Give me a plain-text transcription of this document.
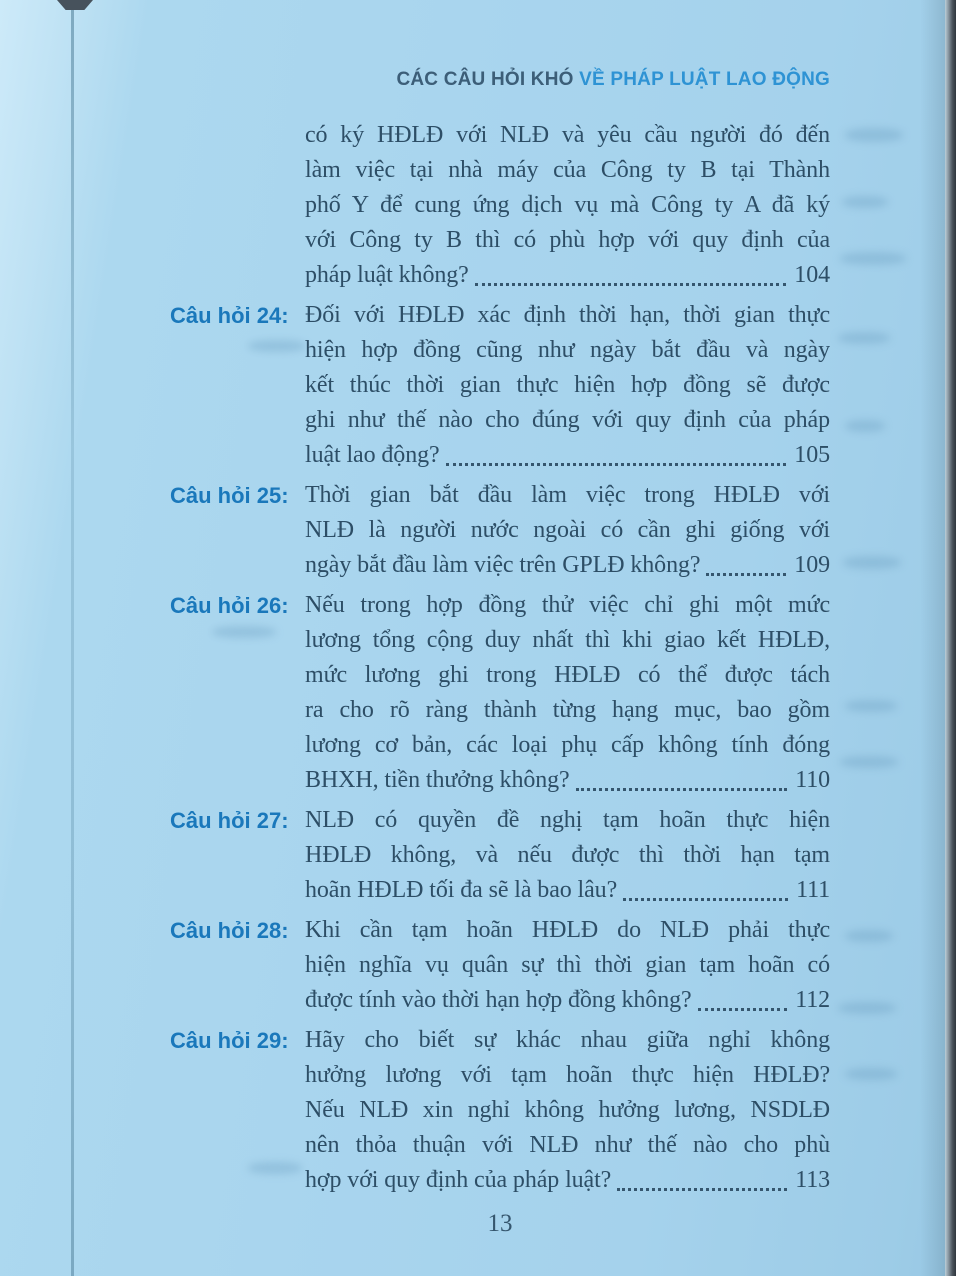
CÁC CÂU HỎI KHÓ VỀ PHÁP LUẬT LAO ĐỘNG
có ký HĐLĐ với NLĐ và yêu cầu người đó đến
làm việc tại nhà máy của Công ty B tại Thành
phố Y để cung ứng dịch vụ mà Công ty A đã ký
với Công ty B thì có phù hợp với quy định của
pháp luật không?	104
Câu hỏi 24: Đối với HĐLĐ xác định thời hạn, thời gian thực
hiện hợp đồng cũng như ngày bắt đầu và ngày
kết thúc thời gian thực hiện hợp đồng sẽ được
ghi như thế nào cho đúng với quy định của pháp
luật lao động?	105
Câu hỏi 25: Thời gian bắt đầu làm việc trong HĐLĐ với
NLĐ là người nước ngoài có cần ghi giống với
ngày bắt đầu làm việc trên GPLĐ không?	109
Câu hỏi 26: Nếu trong hợp đồng thử việc chỉ ghi một mức
lương tổng cộng duy nhất thì khi giao kết HĐLĐ,
mức lương ghi trong HĐLĐ có thể được tách
ra cho rõ ràng thành từng hạng mục, bao gồm
lương cơ bản, các loại phụ cấp không tính đóng
BHXH, tiền thưởng không?	110
Câu hỏi 27: NLĐ có quyền đề nghị tạm hoãn thực hiện
HĐLĐ không, và nếu được thì thời hạn tạm
hoãn HĐLĐ tối đa sẽ là bao lâu?	111
Câu hỏi 28: Khi cần tạm hoãn HĐLĐ do NLĐ phải thực
hiện nghĩa vụ quân sự thì thời gian tạm hoãn có
được tính vào thời hạn hợp đồng không?	112
Câu hỏi 29: Hãy cho biết sự khác nhau giữa nghỉ không
hưởng lương với tạm hoãn thực hiện HĐLĐ?
Nếu NLĐ xin nghỉ không hưởng lương, NSDLĐ
nên thỏa thuận với NLĐ như thế nào cho phù
hợp với quy định của pháp luật?	113
13
